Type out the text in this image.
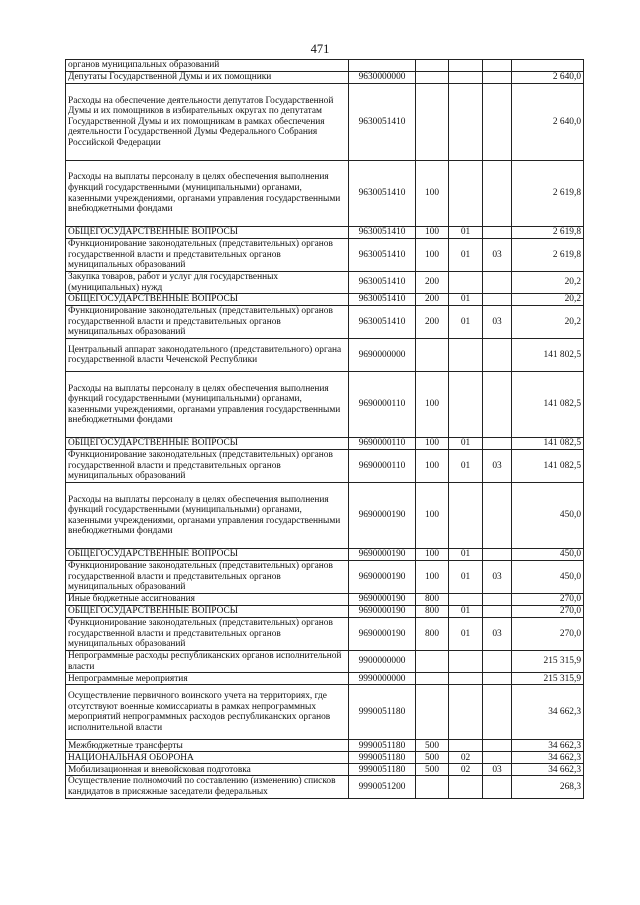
471
органов муниципальных образований					
Депутаты Государственной Думы и их помощники	9630000000				2 640,0
Расходы на обеспечение деятельности депутатов Государственной Думы и их помощников в избирательных округах по депутатам Государственной Думы и их помощникам в рамках обеспечения деятельности Государственной Думы Федерального Собрания Российской Федерации	9630051410				2 640,0
Расходы на выплаты персоналу в целях обеспечения выполнения функций государственными (муниципальными) органами, казенными учреждениями, органами управления государственными внебюджетными фондами	9630051410	100			2 619,8
ОБЩЕГОСУДАРСТВЕННЫЕ ВОПРОСЫ	9630051410	100	01		2 619,8
Функционирование законодательных (представительных) органов государственной власти и представительных органов муниципальных образований	9630051410	100	01	03	2 619,8
Закупка товаров, работ и услуг для государственных (муниципальных) нужд	9630051410	200			20,2
ОБЩЕГОСУДАРСТВЕННЫЕ ВОПРОСЫ	9630051410	200	01		20,2
Функционирование законодательных (представительных) органов государственной власти и представительных органов муниципальных образований	9630051410	200	01	03	20,2
Центральный аппарат законодательного (представительного) органа государственной власти Чеченской Республики	9690000000				141 802,5
Расходы на выплаты персоналу в целях обеспечения выполнения функций государственными (муниципальными) органами, казенными учреждениями, органами управления государственными внебюджетными фондами	9690000110	100			141 082,5
ОБЩЕГОСУДАРСТВЕННЫЕ ВОПРОСЫ	9690000110	100	01		141 082,5
Функционирование законодательных (представительных) органов государственной власти и представительных органов муниципальных образований	9690000110	100	01	03	141 082,5
Расходы на выплаты персоналу в целях обеспечения выполнения функций государственными (муниципальными) органами, казенными учреждениями, органами управления государственными внебюджетными фондами	9690000190	100			450,0
ОБЩЕГОСУДАРСТВЕННЫЕ ВОПРОСЫ	9690000190	100	01		450,0
Функционирование законодательных (представительных) органов государственной власти и представительных органов муниципальных образований	9690000190	100	01	03	450,0
Иные бюджетные ассигнования	9690000190	800			270,0
ОБЩЕГОСУДАРСТВЕННЫЕ ВОПРОСЫ	9690000190	800	01		270,0
Функционирование законодательных (представительных) органов государственной власти и представительных органов муниципальных образований	9690000190	800	01	03	270,0
Непрограммные расходы республиканских органов исполнительной власти	9900000000				215 315,9
Непрограммные мероприятия	9990000000				215 315,9
Осуществление первичного воинского учета на территориях, где отсутствуют военные комиссариаты в рамках непрограммных мероприятий непрограммных расходов республиканских органов исполнительной власти	9990051180				34 662,3
Межбюджетные трансферты	9990051180	500			34 662,3
НАЦИОНАЛЬНАЯ ОБОРОНА	9990051180	500	02		34 662,3
Мобилизационная и вневойсковая подготовка	9990051180	500	02	03	34 662,3
Осуществление полномочий по составлению (изменению) списков кандидатов в присяжные заседатели федеральных	9990051200				268,3
